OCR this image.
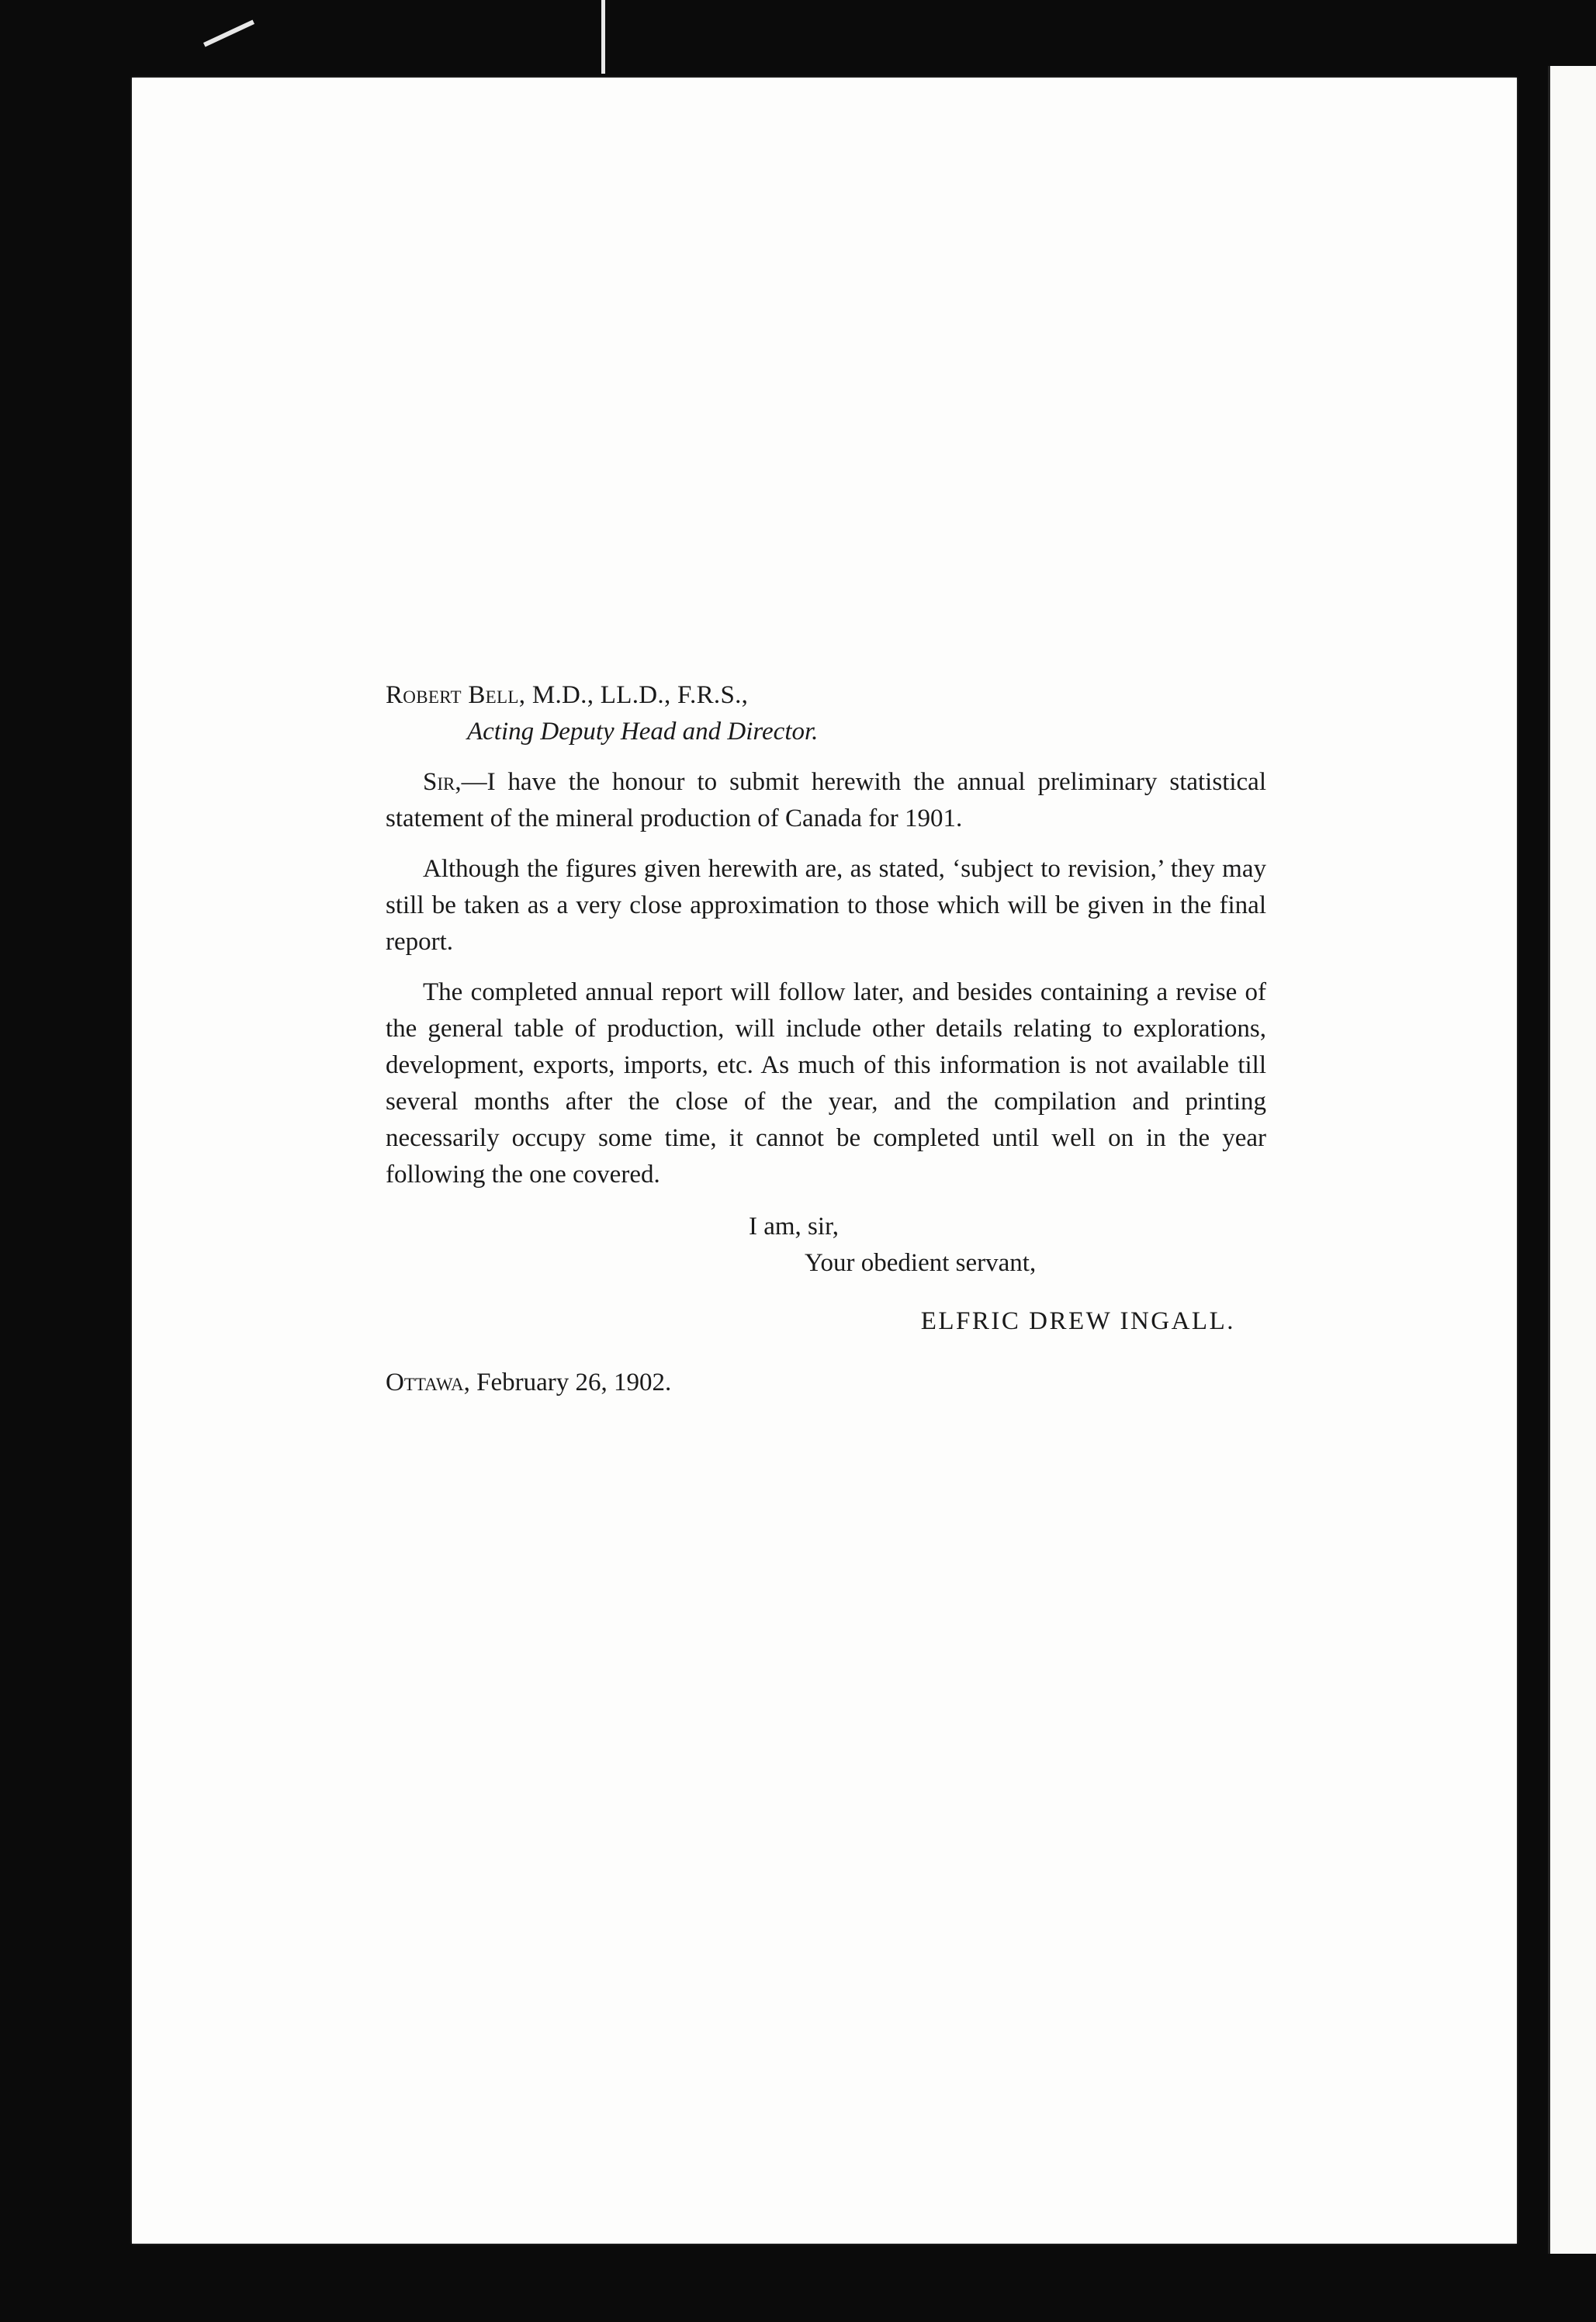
Robert Bell, M.D., LL.D., F.R.S.,

Acting Deputy Head and Director.

Sir,—I have the honour to submit herewith the annual preliminary statistical statement of the mineral production of Canada for 1901.

Although the figures given herewith are, as stated, ‘subject to revision,’ they may still be taken as a very close approximation to those which will be given in the final report.

The completed annual report will follow later, and besides containing a revise of the general table of production, will include other details relating to explorations, development, exports, imports, etc. As much of this information is not available till several months after the close of the year, and the compilation and printing necessarily occupy some time, it cannot be completed until well on in the year following the one covered.

I am, sir,

Your obedient servant,

ELFRIC DREW INGALL.

Ottawa, February 26, 1902.
